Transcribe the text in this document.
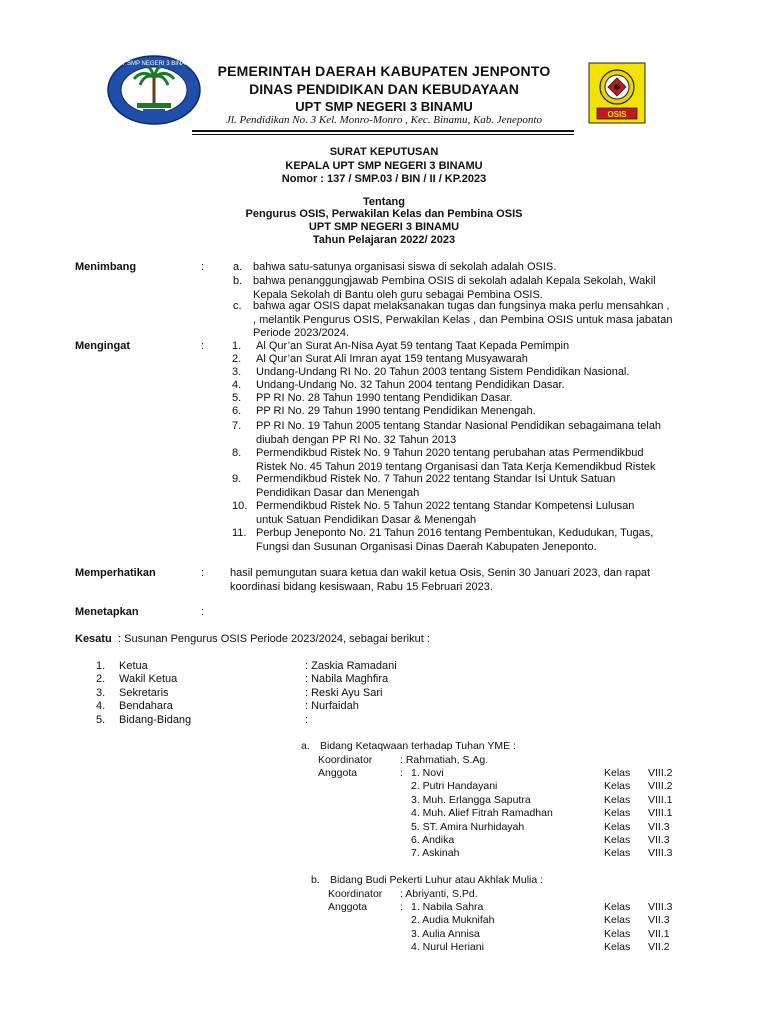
UPT SMP NEGERI 3 BINAMU
OSIS
PEMERINTAH DAERAH KABUPATEN JENPONTO
DINAS PENDIDIKAN DAN KEBUDAYAAN
UPT SMP NEGERI 3 BINAMU
Jl. Pendidikan No. 3 Kel. Monro-Monro , Kec. Binamu, Kab. Jeneponto
SURAT KEPUTUSAN
KEPALA UPT SMP NEGERI 3 BINAMU
Nomor : 137 / SMP.03 / BIN / II / KP.2023
Tentang
Pengurus OSIS, Perwakilan Kelas dan Pembina OSIS
UPT SMP NEGERI 3 BINAMU
Tahun Pelajaran 2022/ 2023
Menimbang	:	a. bahwa satu-satunya organisasi siswa di sekolah adalah OSIS.
b. bahwa penanggungjawab Pembina OSIS di sekolah adalah Kepala Sekolah, Wakil
Kepala Sekolah di Bantu oleh guru sebagai Pembina OSIS.
c. bahwa agar OSIS dapat melaksanakan tugas dan fungsinya maka perlu mensahkan ,
, melantik Pengurus OSIS, Perwakilan Kelas , dan Pembina OSIS untuk masa jabatan
Periode 2023/2024.
Mengingat	:	1. Al Qur’an Surat An-Nisa Ayat 59 tentang Taat Kepada Pemimpin
2. Al Qur’an Surat Ali Imran ayat 159 tentang Musyawarah
3. Undang-Undang RI No. 20 Tahun 2003 tentang Sistem Pendidikan Nasional.
4. Undang-Undang No. 32 Tahun 2004 tentang Pendidikan Dasar.
5. PP RI No. 28 Tahun 1990 tentang Pendidikan Dasar.
6. PP RI No. 29 Tahun 1990 tentang Pendidikan Menengah.
7. PP RI No. 19 Tahun 2005 tentang Standar Nasional Pendidikan sebagaimana telah
diubah dengan PP RI No. 32 Tahun 2013
8. Permendikbud Ristek No. 9 Tahun 2020 tentang perubahan atas Permendikbud
Ristek No. 45 Tahun 2019 tentang Organisasi dan Tata Kerja Kemendikbud Ristek
9. Permendikbud Ristek No. 7 Tahun 2022 tentang Standar Isi Untuk Satuan
Pendidikan Dasar dan Menengah
10. Permendikbud Ristek No. 5 Tahun 2022 tentang Standar Kompetensi Lulusan
untuk Satuan Pendidikan Dasar & Menengah
11. Perbup Jeneponto No. 21 Tahun 2016 tentang Pembentukan, Kedudukan, Tugas,
Fungsi dan Susunan Organisasi Dinas Daerah Kabupaten Jeneponto.
Memperhatikan	: hasil pemungutan suara ketua dan wakil ketua Osis, Senin 30 Januari 2023, dan rapat
koordinasi bidang kesiswaan, Rabu 15 Februari 2023.
Menetapkan	:
Kesatu : Susunan Pengurus OSIS Periode 2023/2024, sebagai berikut :
1. Ketua	: Zaskia Ramadani
2. Wakil Ketua	: Nabila Maghfira
3. Sekretaris	: Reski Ayu Sari
4. Bendahara	: Nurfaidah
5. Bidang-Bidang	:
a. Bidang Ketaqwaan terhadap Tuhan YME :
Koordinator	: Rahmatiah, S.Ag.
Anggota	: 1. Novi	Kelas VIII.2
2. Putri Handayani	Kelas VIII.2
3. Muh. Erlangga Saputra	Kelas VIII.1
4. Muh. Alief Fitrah Ramadhan	Kelas VIII.1
5. ST. Amira Nurhidayah	Kelas VII.3
6. Andika	Kelas VII.3
7. Askinah	Kelas VIII.3
b. Bidang Budi Pekerti Luhur atau Akhlak Mulia :
Koordinator : Abriyanti, S.Pd.
Anggota	: 1. Nabila Sahra	Kelas VIII.3
2. Audia Muknifah	Kelas VII.3
3. Aulia Annisa	Kelas VII.1
4. Nurul Heriani	Kelas VII.2
